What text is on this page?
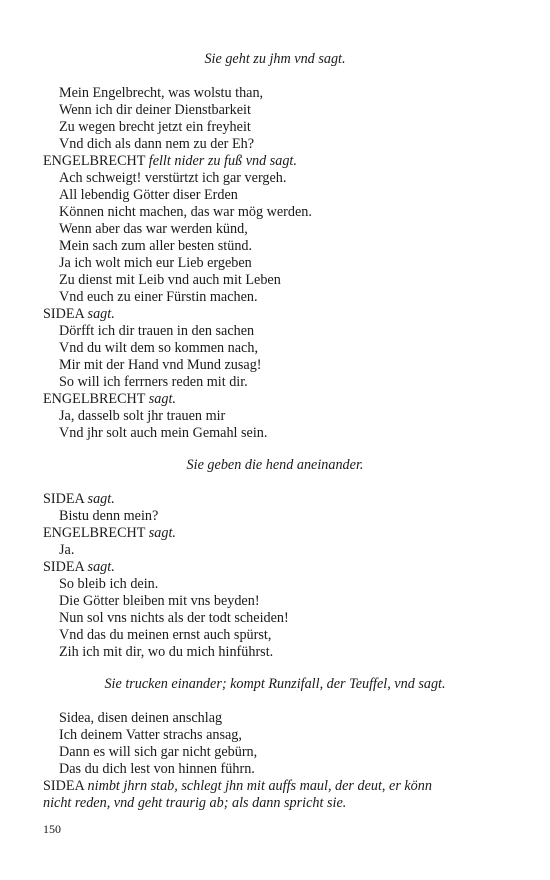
Sie geht zu jhm vnd sagt.
Mein Engelbrecht, was wolstu than,
Wenn ich dir deiner Dienstbarkeit
Zu wegen brecht jetzt ein freyheit
Vnd dich als dann nem zu der Eh?
ENGELBRECHT fellt nider zu fuß vnd sagt.
Ach schweigt! verstürtzt ich gar vergeh.
All lebendig Götter diser Erden
Können nicht machen, das war mög werden.
Wenn aber das war werden künd,
Mein sach zum aller besten stünd.
Ja ich wolt mich eur Lieb ergeben
Zu dienst mit Leib vnd auch mit Leben
Vnd euch zu einer Fürstin machen.
SIDEA sagt.
Dörfft ich dir trauen in den sachen
Vnd du wilt dem so kommen nach,
Mir mit der Hand vnd Mund zusag!
So will ich ferrners reden mit dir.
ENGELBRECHT sagt.
Ja, dasselb solt jhr trauen mir
Vnd jhr solt auch mein Gemahl sein.
Sie geben die hend aneinander.
SIDEA sagt.
Bistu denn mein?
ENGELBRECHT sagt.
Ja.
SIDEA sagt.
So bleib ich dein.
Die Götter bleiben mit vns beyden!
Nun sol vns nichts als der todt scheiden!
Vnd das du meinen ernst auch spürst,
Zih ich mit dir, wo du mich hinführst.
Sie trucken einander; kompt Runzifall, der Teuffel, vnd sagt.
Sidea, disen deinen anschlag
Ich deinem Vatter strachs ansag,
Dann es will sich gar nicht gebürn,
Das du dich lest von hinnen führn.
SIDEA nimbt jhrn stab, schlegt jhn mit auffs maul, der deut, er könn
nicht reden, vnd geht traurig ab; als dann spricht sie.
150
